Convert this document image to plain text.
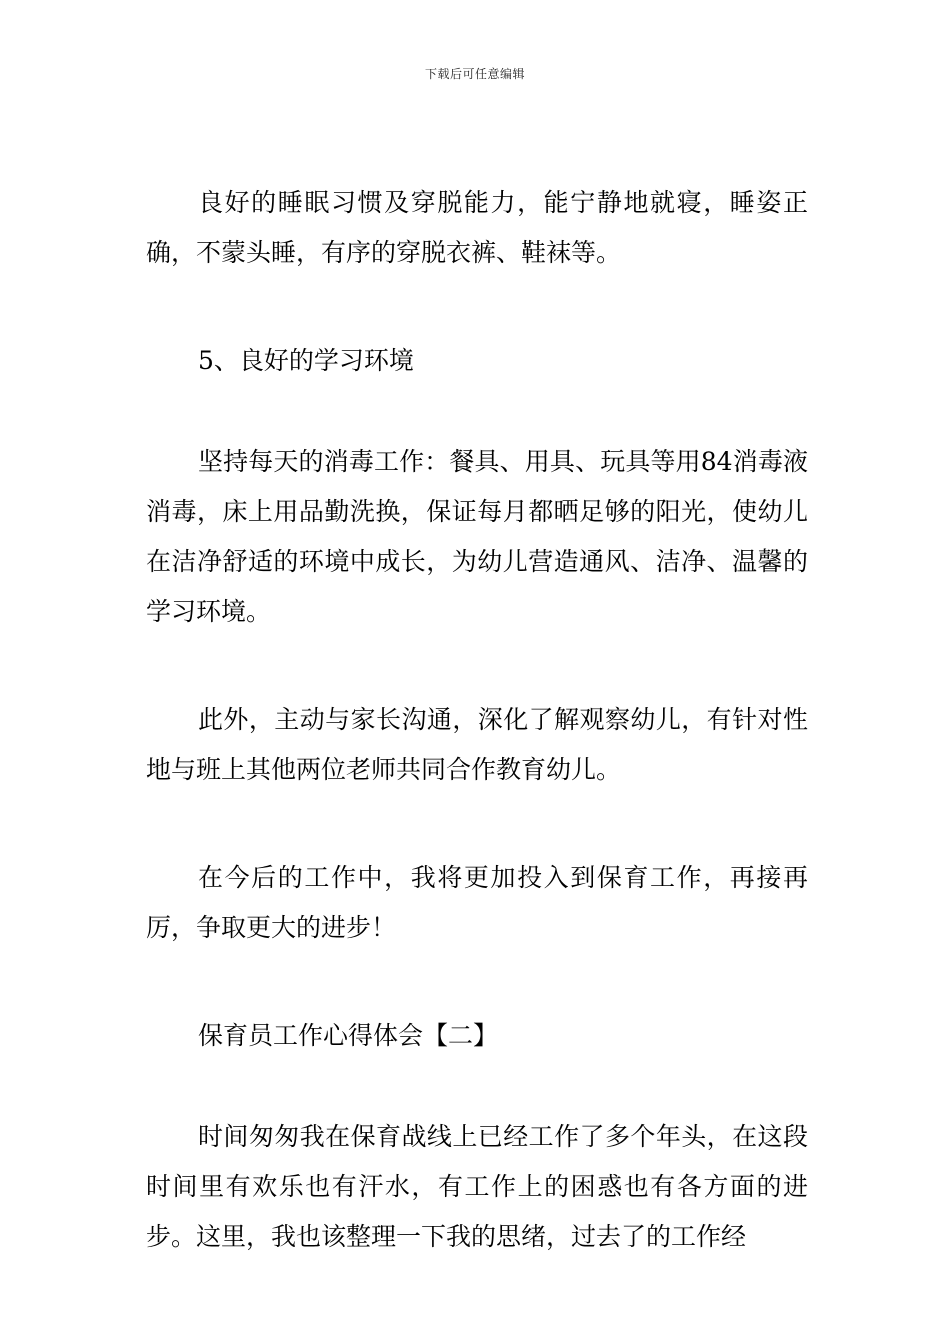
下载后可任意编辑

良好的睡眠习惯及穿脱能力，能宁静地就寝，睡姿正确，不蒙头睡，有序的穿脱衣裤、鞋袜等。

5、良好的学习环境

坚持每天的消毒工作：餐具、用具、玩具等用84消毒液消毒，床上用品勤洗换，保证每月都晒足够的阳光，使幼儿在洁净舒适的环境中成长，为幼儿营造通风、洁净、温馨的学习环境。

此外，主动与家长沟通，深化了解观察幼儿，有针对性地与班上其他两位老师共同合作教育幼儿。

在今后的工作中，我将更加投入到保育工作，再接再厉，争取更大的进步！

保育员工作心得体会【二】

时间匆匆我在保育战线上已经工作了多个年头，在这段时间里有欢乐也有汗水，有工作上的困惑也有各方面的进步。这里，我也该整理一下我的思绪，过去了的工作经
